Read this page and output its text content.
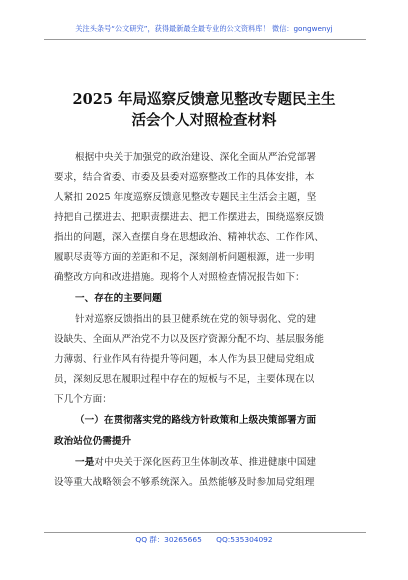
关注头条号“公文研究”，获得最新最全最专业的公文资料库！ 微信：gongwenyj
2025 年局巡察反馈意见整改专题民主生
活会个人对照检查材料
根据中央关于加强党的政治建设、深化全面从严治党部署
要求，结合省委、市委及县委对巡察整改工作的具体安排，本
人紧扣 2025 年度巡察反馈意见整改专题民主生活会主题，坚
持把自己摆进去、把职责摆进去、把工作摆进去，围绕巡察反馈
指出的问题，深入查摆自身在思想政治、精神状态、工作作风、
履职尽责等方面的差距和不足，深刻剖析问题根源，进一步明
确整改方向和改进措施。现将个人对照检查情况报告如下：
一、存在的主要问题
针对巡察反馈指出的县卫健系统在党的领导弱化、党的建
设缺失、全面从严治党不力以及医疗资源分配不均、基层服务能
力薄弱、行业作风有待提升等问题，本人作为县卫健局党组成
员，深刻反思在履职过程中存在的短板与不足，主要体现在以
下几个方面：
（一）在贯彻落实党的路线方针政策和上级决策部署方面
政治站位仍需提升
一是对中央关于深化医药卫生体制改革、推进健康中国建
设等重大战略领会不够系统深入。虽然能够及时参加局党组理
QQ 群：30265665 QQ:535304092
